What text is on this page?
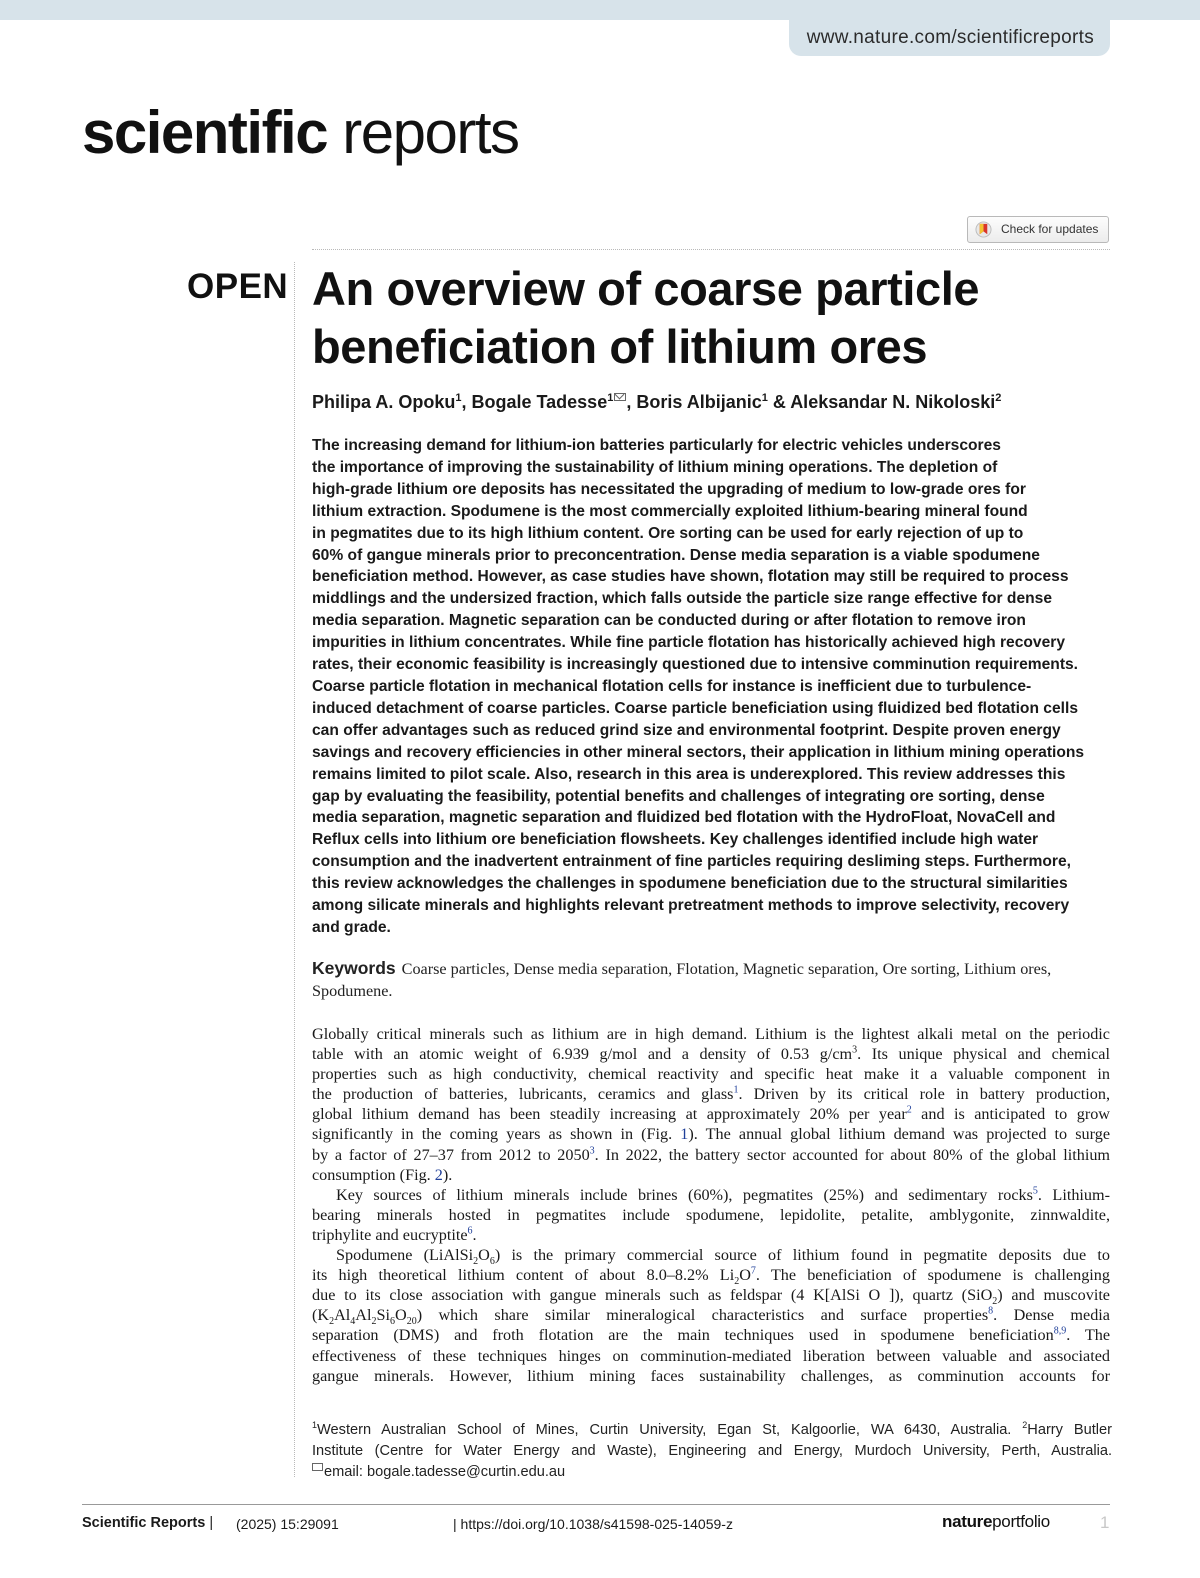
www.nature.com/scientificreports
scientific reports
Check for updates
OPEN An overview of coarse particle
beneficiation of lithium ores
Philipa A. Opoku$^1$, Bogale Tadesse$^1$ , Boris Albijanic$^1$ & Aleksandar N. Nikoloski$^2$
The increasing demand for lithium-ion batteries particularly for electric vehicles underscores
the importance of improving the sustainability of lithium mining operations. The depletion of
high-grade lithium ore deposits has necessitated the upgrading of medium to low-grade ores for
lithium extraction. Spodumene is the most commercially exploited lithium-bearing mineral found
in pegmatites due to its high lithium content. Ore sorting can be used for early rejection of up to
60% of gangue minerals prior to preconcentration. Dense media separation is a viable spodumene
beneficiation method. However, as case studies have shown, flotation may still be required to process
middlings and the undersized fraction, which falls outside the particle size range effective for dense
media separation. Magnetic separation can be conducted during or after flotation to remove iron
impurities in lithium concentrates. While fine particle flotation has historically achieved high recovery
rates, their economic feasibility is increasingly questioned due to intensive comminution requirements.
Coarse particle flotation in mechanical flotation cells for instance is inefficient due to turbulence-
induced detachment of coarse particles. Coarse particle beneficiation using fluidized bed flotation cells
can offer advantages such as reduced grind size and environmental footprint. Despite proven energy
savings and recovery efficiencies in other mineral sectors, their application in lithium mining operations
remains limited to pilot scale. Also, research in this area is underexplored. This review addresses this
gap by evaluating the feasibility, potential benefits and challenges of integrating ore sorting, dense
media separation, magnetic separation and fluidized bed flotation with the HydroFloat, NovaCell and
Reflux cells into lithium ore beneficiation flowsheets. Key challenges identified include high water
consumption and the inadvertent entrainment of fine particles requiring desliming steps. Furthermore,
this review acknowledges the challenges in spodumene beneficiation due to the structural similarities
among silicate minerals and highlights relevant pretreatment methods to improve selectivity, recovery
and grade.
Keywords Coarse particles, Dense media separation, Flotation, Magnetic separation, Ore sorting, Lithium ores, Spodumene.
Globally critical minerals such as lithium are in high demand. Lithium is the lightest alkali metal on the periodic
table with an atomic weight of 6.939 g/mol and a density of 0.53 $g/cm^3$. Its unique physical and chemical
properties such as high conductivity, chemical reactivity and specific heat make it a valuable component in
the production of batteries, lubricants, ceramics and glass$^1$. Driven by its critical role in battery production,
global lithium demand has been steadily increasing at approximately 20% per year$^2$ and is anticipated to grow
significantly in the coming years as shown in (Fig. 1). The annual global lithium demand was projected to surge
by a factor of 27–37 from 2012 to 2050$^3$. In 2022, the battery sector accounted for about 80% of the global lithium
consumption (Fig. 2).
Key sources of lithium minerals include brines (60%), pegmatites (25%) and sedimentary rocks$^5$. Lithium-
bearing minerals hosted in pegmatites include spodumene, lepidolite, petalite, amblygonite, zinnwaldite,
triphylite and eucryptite$^6$.
Spodumene $(LiAlSi_2O_6)$ is the primary commercial source of lithium found in pegmatite deposits due to
its high theoretical lithium content of about 8.0–8.2% $Li_2O^7$. The beneficiation of spodumene is challenging
due to its close association with gangue minerals such as feldspar (4 K[AlSi O ]), quartz (SiO$_2$) and muscovite
$(K_2Al_4Al_2Si_6O_{20})$ which share similar mineralogical characteristics and surface properties$^8$. Dense media
separation (DMS) and froth flotation are the main techniques used in spodumene beneficiation$^{8,9}$. The
effectiveness of these techniques hinges on comminution-mediated liberation between valuable and associated
gangue minerals. However, lithium mining faces sustainability challenges, as comminution accounts for
$^1$Western Australian School of Mines, Curtin University, Egan St, Kalgoorlie, WA 6430, Australia. $^2$Harry Butler
Institute (Centre for Water Energy and Waste), Engineering and Energy, Murdoch University, Perth, Australia.
email: bogale.tadesse@curtin.edu.au
Scientific Reports | (2025) 15:29091	| https://doi.org/10.1038/s41598-025-14059-z	natureportfolio	1
